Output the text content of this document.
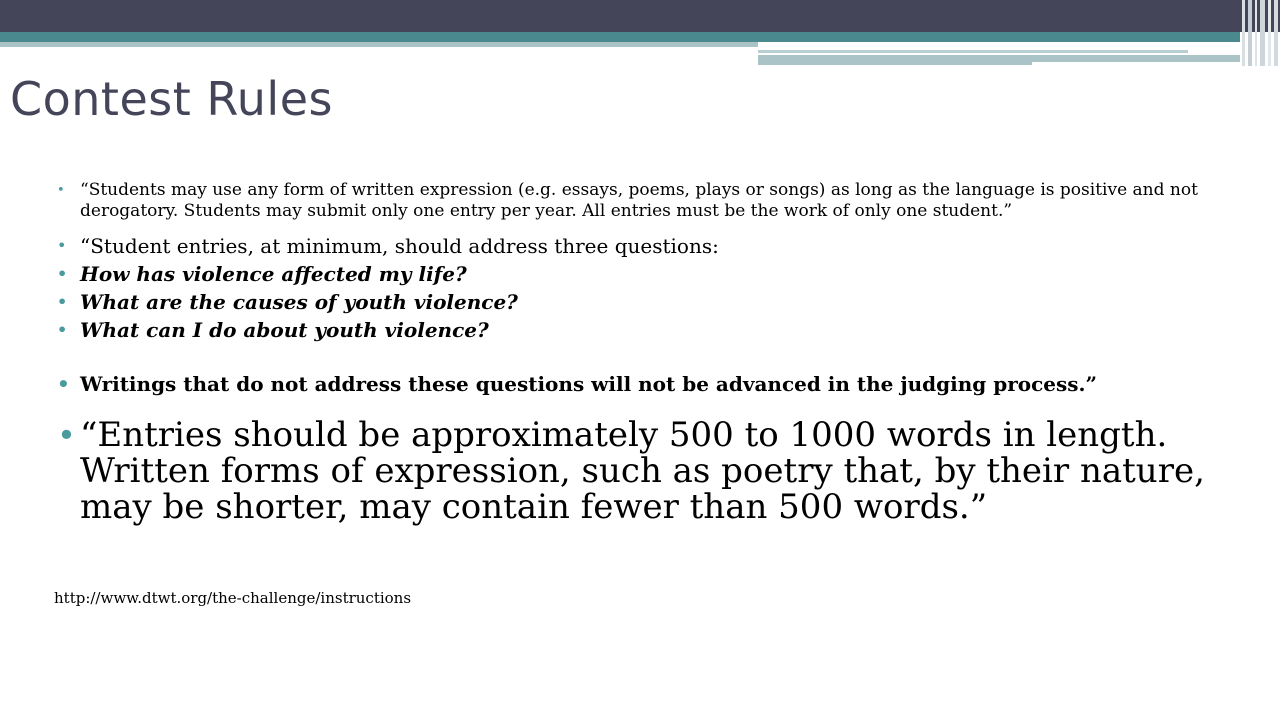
Contest Rules
• “Students may use any form of written expression (e.g. essays, poems, plays or songs) as long as the language is positive and not derogatory. Students may submit only one entry per year. All entries must be the work of only one student.”
• “Student entries, at minimum, should address three questions:
• How has violence affected my life?
• What are the causes of youth violence?
• What can I do about youth violence?
• Writings that do not address these questions will not be advanced in the judging process.”
• “Entries should be approximately 500 to 1000 words in length. Written forms of expression, such as poetry that, by their nature, may be shorter, may contain fewer than 500 words.”

http://www.dtwt.org/the-challenge/instructions
